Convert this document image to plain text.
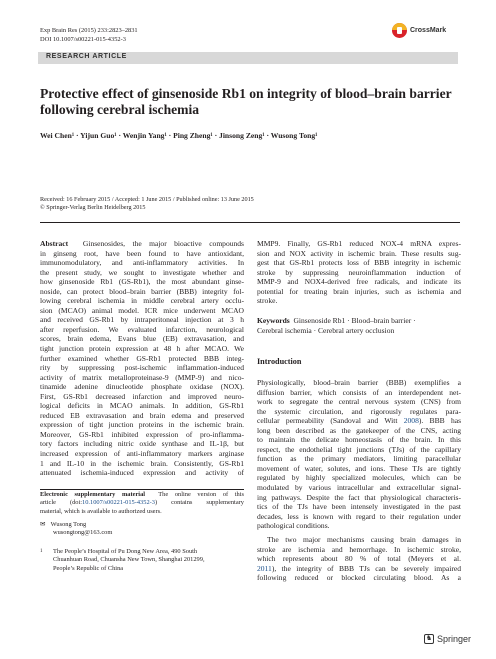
Exp Brain Res (2015) 233:2823–2831
DOI 10.1007/s00221-015-4352-3
CrossMark
RESEARCH ARTICLE
Protective effect of ginsenoside Rb1 on integrity of blood–brain barrier following cerebral ischemia
Wei Chen¹ · Yijun Guo¹ · Wenjin Yang¹ · Ping Zheng¹ · Jinsong Zeng¹ · Wusong Tong¹
Received: 16 February 2015 / Accepted: 1 June 2015 / Published online: 13 June 2015
© Springer-Verlag Berlin Heidelberg 2015
Abstract Ginsenosides, the major bioactive compounds
in ginseng root, have been found to have antioxidant,
immunomodulatory, and anti-inflammatory activities. In
the present study, we sought to investigate whether and
how ginsenoside Rb1 (GS-Rb1), the most abundant ginse-
noside, can protect blood–brain barrier (BBB) integrity fol-
lowing cerebral ischemia in middle cerebral artery occlu-
sion (MCAO) animal model. ICR mice underwent MCAO
and received GS-Rb1 by intraperitoneal injection at 3 h
after reperfusion. We evaluated infarction, neurological
scores, brain edema, Evans blue (EB) extravasation, and
tight junction protein expression at 48 h after MCAO. We
further examined whether GS-Rb1 protected BBB integ-
rity by suppressing post-ischemic inflammation-induced
activity of matrix metalloproteinase-9 (MMP-9) and nico-
tinamide adenine dinucleotide phosphate oxidase (NOX).
First, GS-Rb1 decreased infarction and improved neuro-
logical deficits in MCAO animals. In addition, GS-Rb1
reduced EB extravasation and brain edema and preserved
expression of tight junction proteins in the ischemic brain.
Moreover, GS-Rb1 inhibited expression of pro-inflamma-
tory factors including nitric oxide synthase and IL-1β, but
increased expression of anti-inflammatory markers arginase
1 and IL-10 in the ischemic brain. Consistently, GS-Rb1
attenuated ischemia-induced expression and activity of
Electronic supplementary material The online version of this
article (doi:10.1007/s00221-015-4352-3) contains supplementary
material, which is available to authorized users.
✉ Wusong Tong
wusongtong@163.com
1	The People’s Hospital of Pu Dong New Area, 490 South
Chuanhuan Road, Chuansha New Town, Shanghai 201299,
People’s Republic of China
MMP9. Finally, GS-Rb1 reduced NOX-4 mRNA expres-
sion and NOX activity in ischemic brain. These results sug-
gest that GS-Rb1 protects loss of BBB integrity in ischemic
stroke by suppressing neuroinflammation induction of
MMP-9 and NOX4-derived free radicals, and indicate its
potential for treating brain injuries, such as ischemia and
stroke.
Keywords Ginsenoside Rb1 · Blood–brain barrier ·
Cerebral ischemia · Cerebral artery occlusion
Introduction
Physiologically, blood–brain barrier (BBB) exemplifies a
diffusion barrier, which consists of an interdependent net-
work to segregate the central nervous system (CNS) from
the systemic circulation, and rigorously regulates para-
cellular permeability (Sandoval and Witt 2008). BBB has
long been described as the gatekeeper of the CNS, acting
to maintain the delicate homeostasis of the brain. In this
respect, the endothelial tight junctions (TJs) of the capillary
function as the primary mediators, limiting paracellular
movement of water, solutes, and ions. These TJs are tightly
regulated by highly specialized molecules, which can be
modulated by various intracellular and extracellular signal-
ing pathways. Despite the fact that physiological characteris-
tics of the TJs have been intensely investigated in the past
decades, less is known with regard to their regulation under
pathological conditions.
The two major mechanisms causing brain damages in
stroke are ischemia and hemorrhage. In ischemic stroke,
which represents about 80 % of total (Meyers et al.
2011), the integrity of BBB TJs can be severely impaired
following reduced or blocked circulating blood. As a
♞ Springer
